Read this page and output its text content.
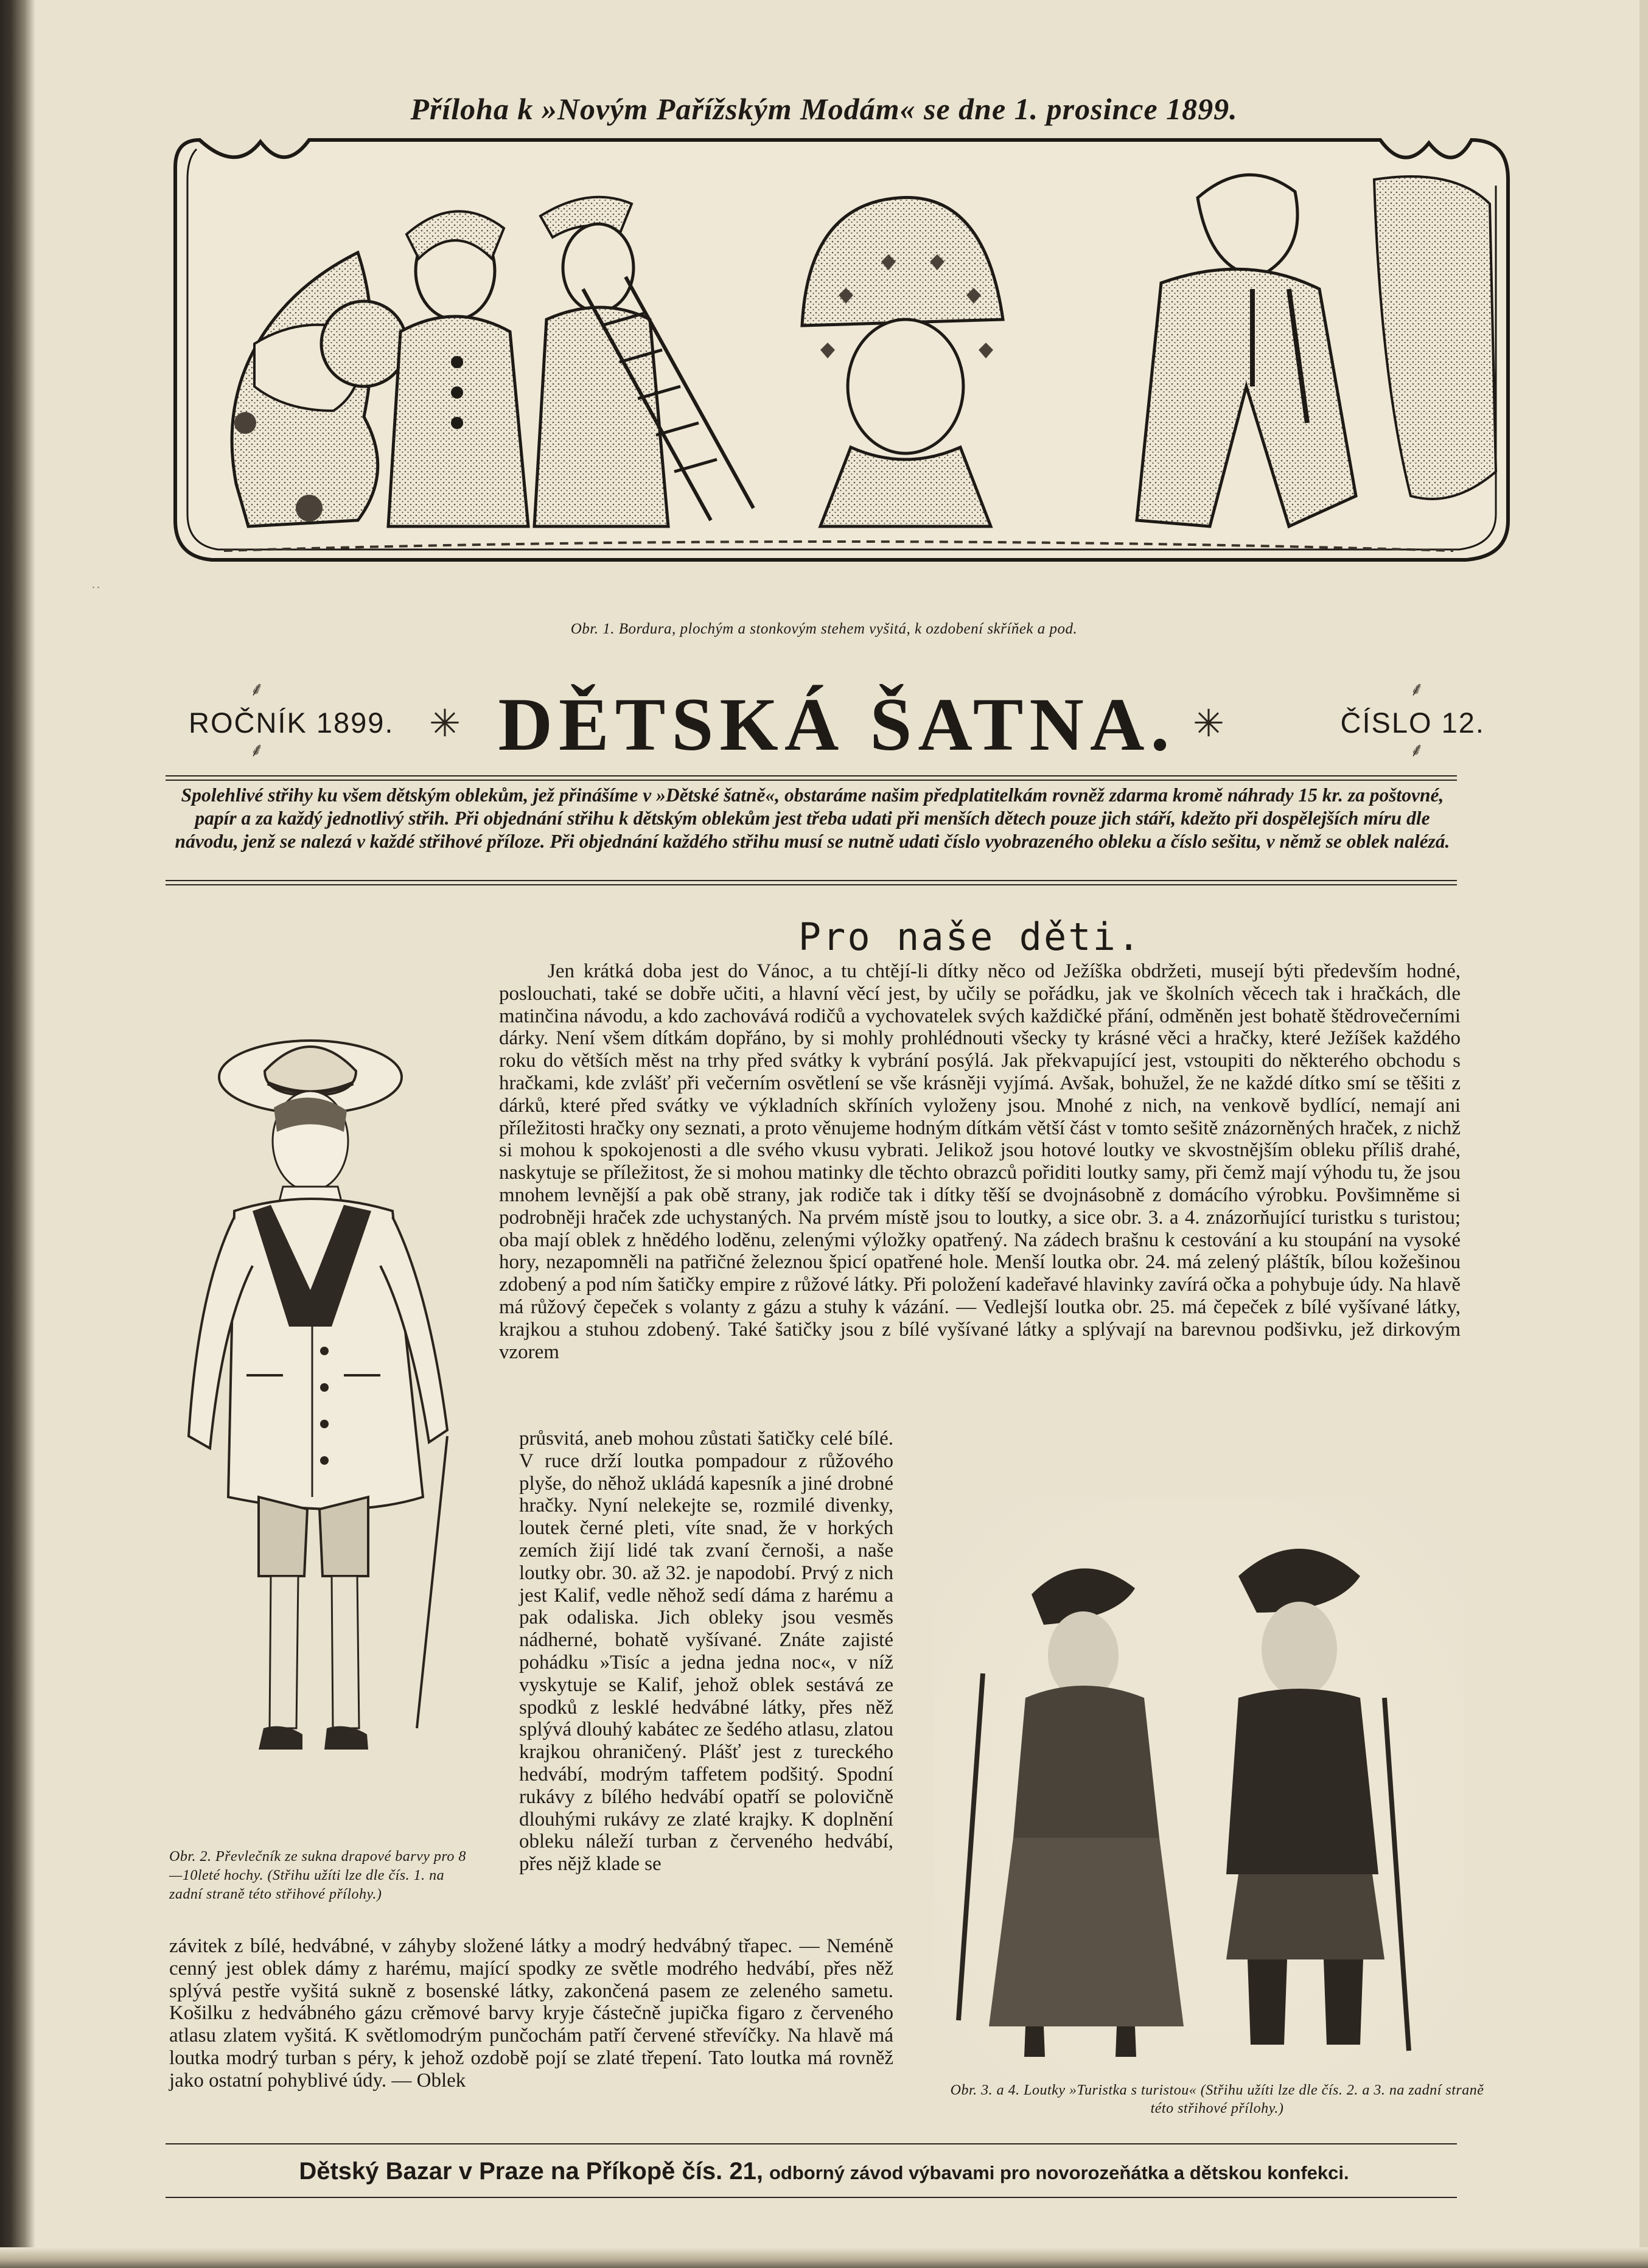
Příloha k »Novým Pařížským Modám« se dne 1. prosince 1899.
Obr. 1. Bordura, plochým a stonkovým stehem vyšitá, k ozdobení skříňek a pod.
˙˙
⸙
⸙
⸙
⸙
ROČNÍK 1899. ✳ DĚTSKÁ ŠATNA. ✳	ČÍSLO 12.
Spolehlivé střihy ku všem dětským oblekům, jež přinášíme v »Dětské šatně«, obstaráme našim předplatitelkám rovněž zdarma kromě náhrady 15 kr. za poštovné, papír a za každý jednotlivý střih. Při objednání střihu k dětským oblekům jest třeba udati při menších dětech pouze jich stáří, kdežto při dospělejších míru dle návodu, jenž se nalezá v každé střihové příloze. Při objednání každého střihu musí se nutně udati číslo vyobrazeného obleku a číslo sešitu, v němž se oblek nalézá.
Pro naše děti.
Jen krátká doba jest do Vánoc, a tu chtějí-li dítky něco od Ježíška obdržeti, musejí býti především hodné, poslouchati, také se dobře učiti, a hlavní věcí jest, by učily se pořádku, jak ve školních věcech tak i hračkách, dle matinčina návodu, a kdo zachovává rodičů a vychovatelek svých každičké přání, odměněn jest bohatě štědrovečerními dárky. Není všem dítkám dopřáno, by si mohly prohlédnouti všecky ty krásné věci a hračky, které Ježíšek každého roku do větších měst na trhy před svátky k vybrání posýlá. Jak překvapující jest, vstoupiti do některého obchodu s hračkami, kde zvlášť při večerním osvětlení se vše krásněji vyjímá. Avšak, bohužel, že ne každé dítko smí se těšiti z dárků, které před svátky ve výkladních skříních vyloženy jsou. Mnohé z nich, na venkově bydlící, nemají ani příležitosti hračky ony seznati, a proto věnujeme hodným dítkám větší část v tomto sešitě znázorněných hraček, z nichž si mohou k spokojenosti a dle svého vkusu vybrati. Jelikož jsou hotové loutky ve skvostnějším obleku příliš drahé, naskytuje se příležitost, že si mohou matinky dle těchto obrazců pořiditi loutky samy, při čemž mají výhodu tu, že jsou mnohem levnější a pak obě strany, jak rodiče tak i dítky těší se dvojnásobně z domácího výrobku. Povšimněme si podrobněji hraček zde uchystaných. Na prvém místě jsou to loutky, a sice obr. 3. a 4. znázorňující turistku s turistou; oba mají oblek z hnědého loděnu, zelenými výložky opatřený. Na zádech brašnu k cestování a ku stoupání na vysoké hory, nezapomněli na patřičné železnou špicí opatřené hole. Menší loutka obr. 24. má zelený pláštík, bílou kožešinou zdobený a pod ním šatičky empire z růžové látky. Při položení kadeřavé hlavinky zavírá očka a pohybuje údy. Na hlavě má růžový čepeček s volanty z gázu a stuhy k vázání. — Vedlejší loutka obr. 25. má čepeček z bílé vyšívané látky, krajkou a stuhou zdobený. Také šatičky jsou z bílé vyšívané látky a splývají na barevnou podšivku, jež dirkovým vzorem
Obr. 2. Převlečník ze sukna drapové barvy pro 8—10leté hochy. (Střihu užíti lze dle čís. 1. na zadní straně této střihové přílohy.)
průsvitá, aneb mohou zůstati šatičky celé bílé. V ruce drží loutka pompadour z růžového plyše, do něhož ukládá kapesník a jiné drobné hračky. Nyní nelekejte se, rozmilé divenky, loutek černé pleti, víte snad, že v horkých zemích žijí lidé tak zvaní černoši, a naše loutky obr. 30. až 32. je napodobí. Prvý z nich jest Kalif, vedle něhož sedí dáma z harému a pak odaliska. Jich obleky jsou vesměs nádherné, bohatě vyšívané. Znáte zajisté pohádku »Tisíc a jedna jedna noc«, v níž vyskytuje se Kalif, jehož oblek sestává ze spodků z lesklé hedvábné látky, přes něž splývá dlouhý kabátec ze šedého atlasu, zlatou krajkou ohraničený. Plášť jest z tureckého hedvábí, modrým taffetem podšitý. Spodní rukávy z bílého hedvábí opatří se polovičně dlouhými rukávy ze zlaté krajky. K doplnění obleku náleží turban z červeného hedvábí, přes nějž klade se
Obr. 3. a 4. Loutky »Turistka s turistou« (Střihu užíti lze dle čís. 2. a 3. na zadní straně této střihové přílohy.)
závitek z bílé, hedvábné, v záhyby složené látky a modrý hedvábný třapec. — Neméně cenný jest oblek dámy z harému, mající spodky ze světle modrého hedvábí, přes něž splývá pestře vyšitá sukně z bosenské látky, zakončená pasem ze zeleného sametu. Košilku z hedvábného gázu crěmové barvy kryje částečně jupička figaro z červeného atlasu zlatem vyšitá. K světlomodrým punčochám patří červené střevíčky. Na hlavě má loutka modrý turban s péry, k jehož ozdobě pojí se zlaté třepení. Tato loutka má rovněž jako ostatní pohyblivé údy. — Oblek
Dětský Bazar v Praze na Příkopě čís. 21, odborný závod výbavami pro novorozeňátka a dětskou konfekci.
